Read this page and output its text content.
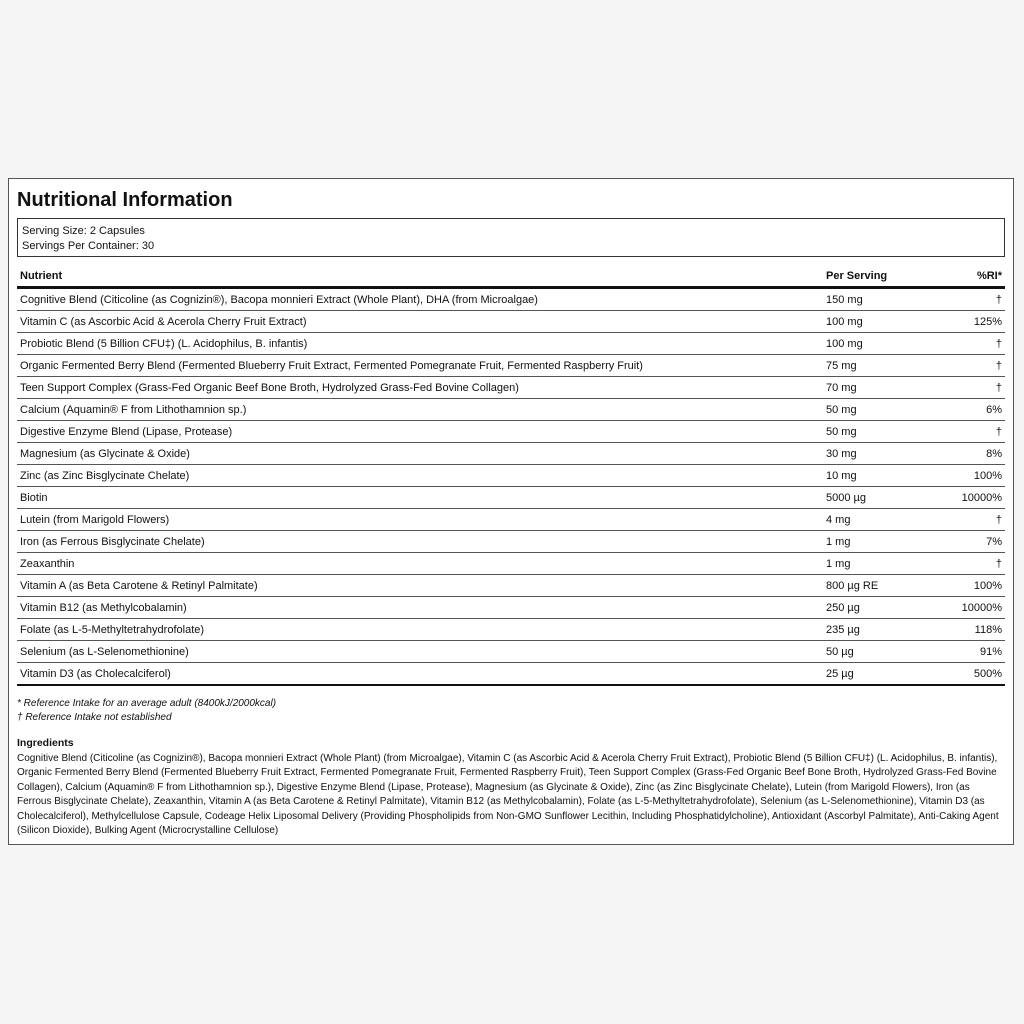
Nutritional Information
Serving Size: 2 Capsules
Servings Per Container: 30
Nutrient	Per Serving	%RI*
Cognitive Blend (Citicoline (as Cognizin®), Bacopa monnieri Extract (Whole Plant), DHA (from Microalgae)	150 mg	†
Vitamin C (as Ascorbic Acid & Acerola Cherry Fruit Extract)	100 mg	125%
Probiotic Blend (5 Billion CFU‡) (L. Acidophilus, B. infantis)	100 mg	†
Organic Fermented Berry Blend (Fermented Blueberry Fruit Extract, Fermented Pomegranate Fruit, Fermented Raspberry Fruit)	75 mg	†
Teen Support Complex (Grass-Fed Organic Beef Bone Broth, Hydrolyzed Grass-Fed Bovine Collagen)	70 mg	†
Calcium (Aquamin® F from Lithothamnion sp.)	50 mg	6%
Digestive Enzyme Blend (Lipase, Protease)	50 mg	†
Magnesium (as Glycinate & Oxide)	30 mg	8%
Zinc (as Zinc Bisglycinate Chelate)	10 mg	100%
Biotin	5000 µg	10000%
Lutein (from Marigold Flowers)	4 mg	†
Iron (as Ferrous Bisglycinate Chelate)	1 mg	7%
Zeaxanthin	1 mg	†
Vitamin A (as Beta Carotene & Retinyl Palmitate)	800 µg RE	100%
Vitamin B12 (as Methylcobalamin)	250 µg	10000%
Folate (as L-5-Methyltetrahydrofolate)	235 µg	118%
Selenium (as L-Selenomethionine)	50 µg	91%
Vitamin D3 (as Cholecalciferol)	25 µg	500%
* Reference Intake for an average adult (8400kJ/2000kcal)
† Reference Intake not established
Ingredients
Cognitive Blend (Citicoline (as Cognizin®), Bacopa monnieri Extract (Whole Plant) (from Microalgae), Vitamin C (as Ascorbic Acid & Acerola Cherry Fruit Extract), Probiotic Blend (5 Billion CFU‡) (L. Acidophilus, B. infantis), Organic Fermented Berry Blend (Fermented Blueberry Fruit Extract, Fermented Pomegranate Fruit, Fermented Raspberry Fruit), Teen Support Complex (Grass-Fed Organic Beef Bone Broth, Hydrolyzed Grass-Fed Bovine Collagen), Calcium (Aquamin® F from Lithothamnion sp.), Digestive Enzyme Blend (Lipase, Protease), Magnesium (as Glycinate & Oxide), Zinc (as Zinc Bisglycinate Chelate), Lutein (from Marigold Flowers), Iron (as Ferrous Bisglycinate Chelate), Zeaxanthin, Vitamin A (as Beta Carotene & Retinyl Palmitate), Vitamin B12 (as Methylcobalamin), Folate (as L-5-Methyltetrahydrofolate), Selenium (as L-Selenomethionine), Vitamin D3 (as Cholecalciferol), Methylcellulose Capsule, Codeage Helix Liposomal Delivery (Providing Phospholipids from Non-GMO Sunflower Lecithin, Including Phosphatidylcholine), Antioxidant (Ascorbyl Palmitate), Anti-Caking Agent (Silicon Dioxide), Bulking Agent (Microcrystalline Cellulose)
